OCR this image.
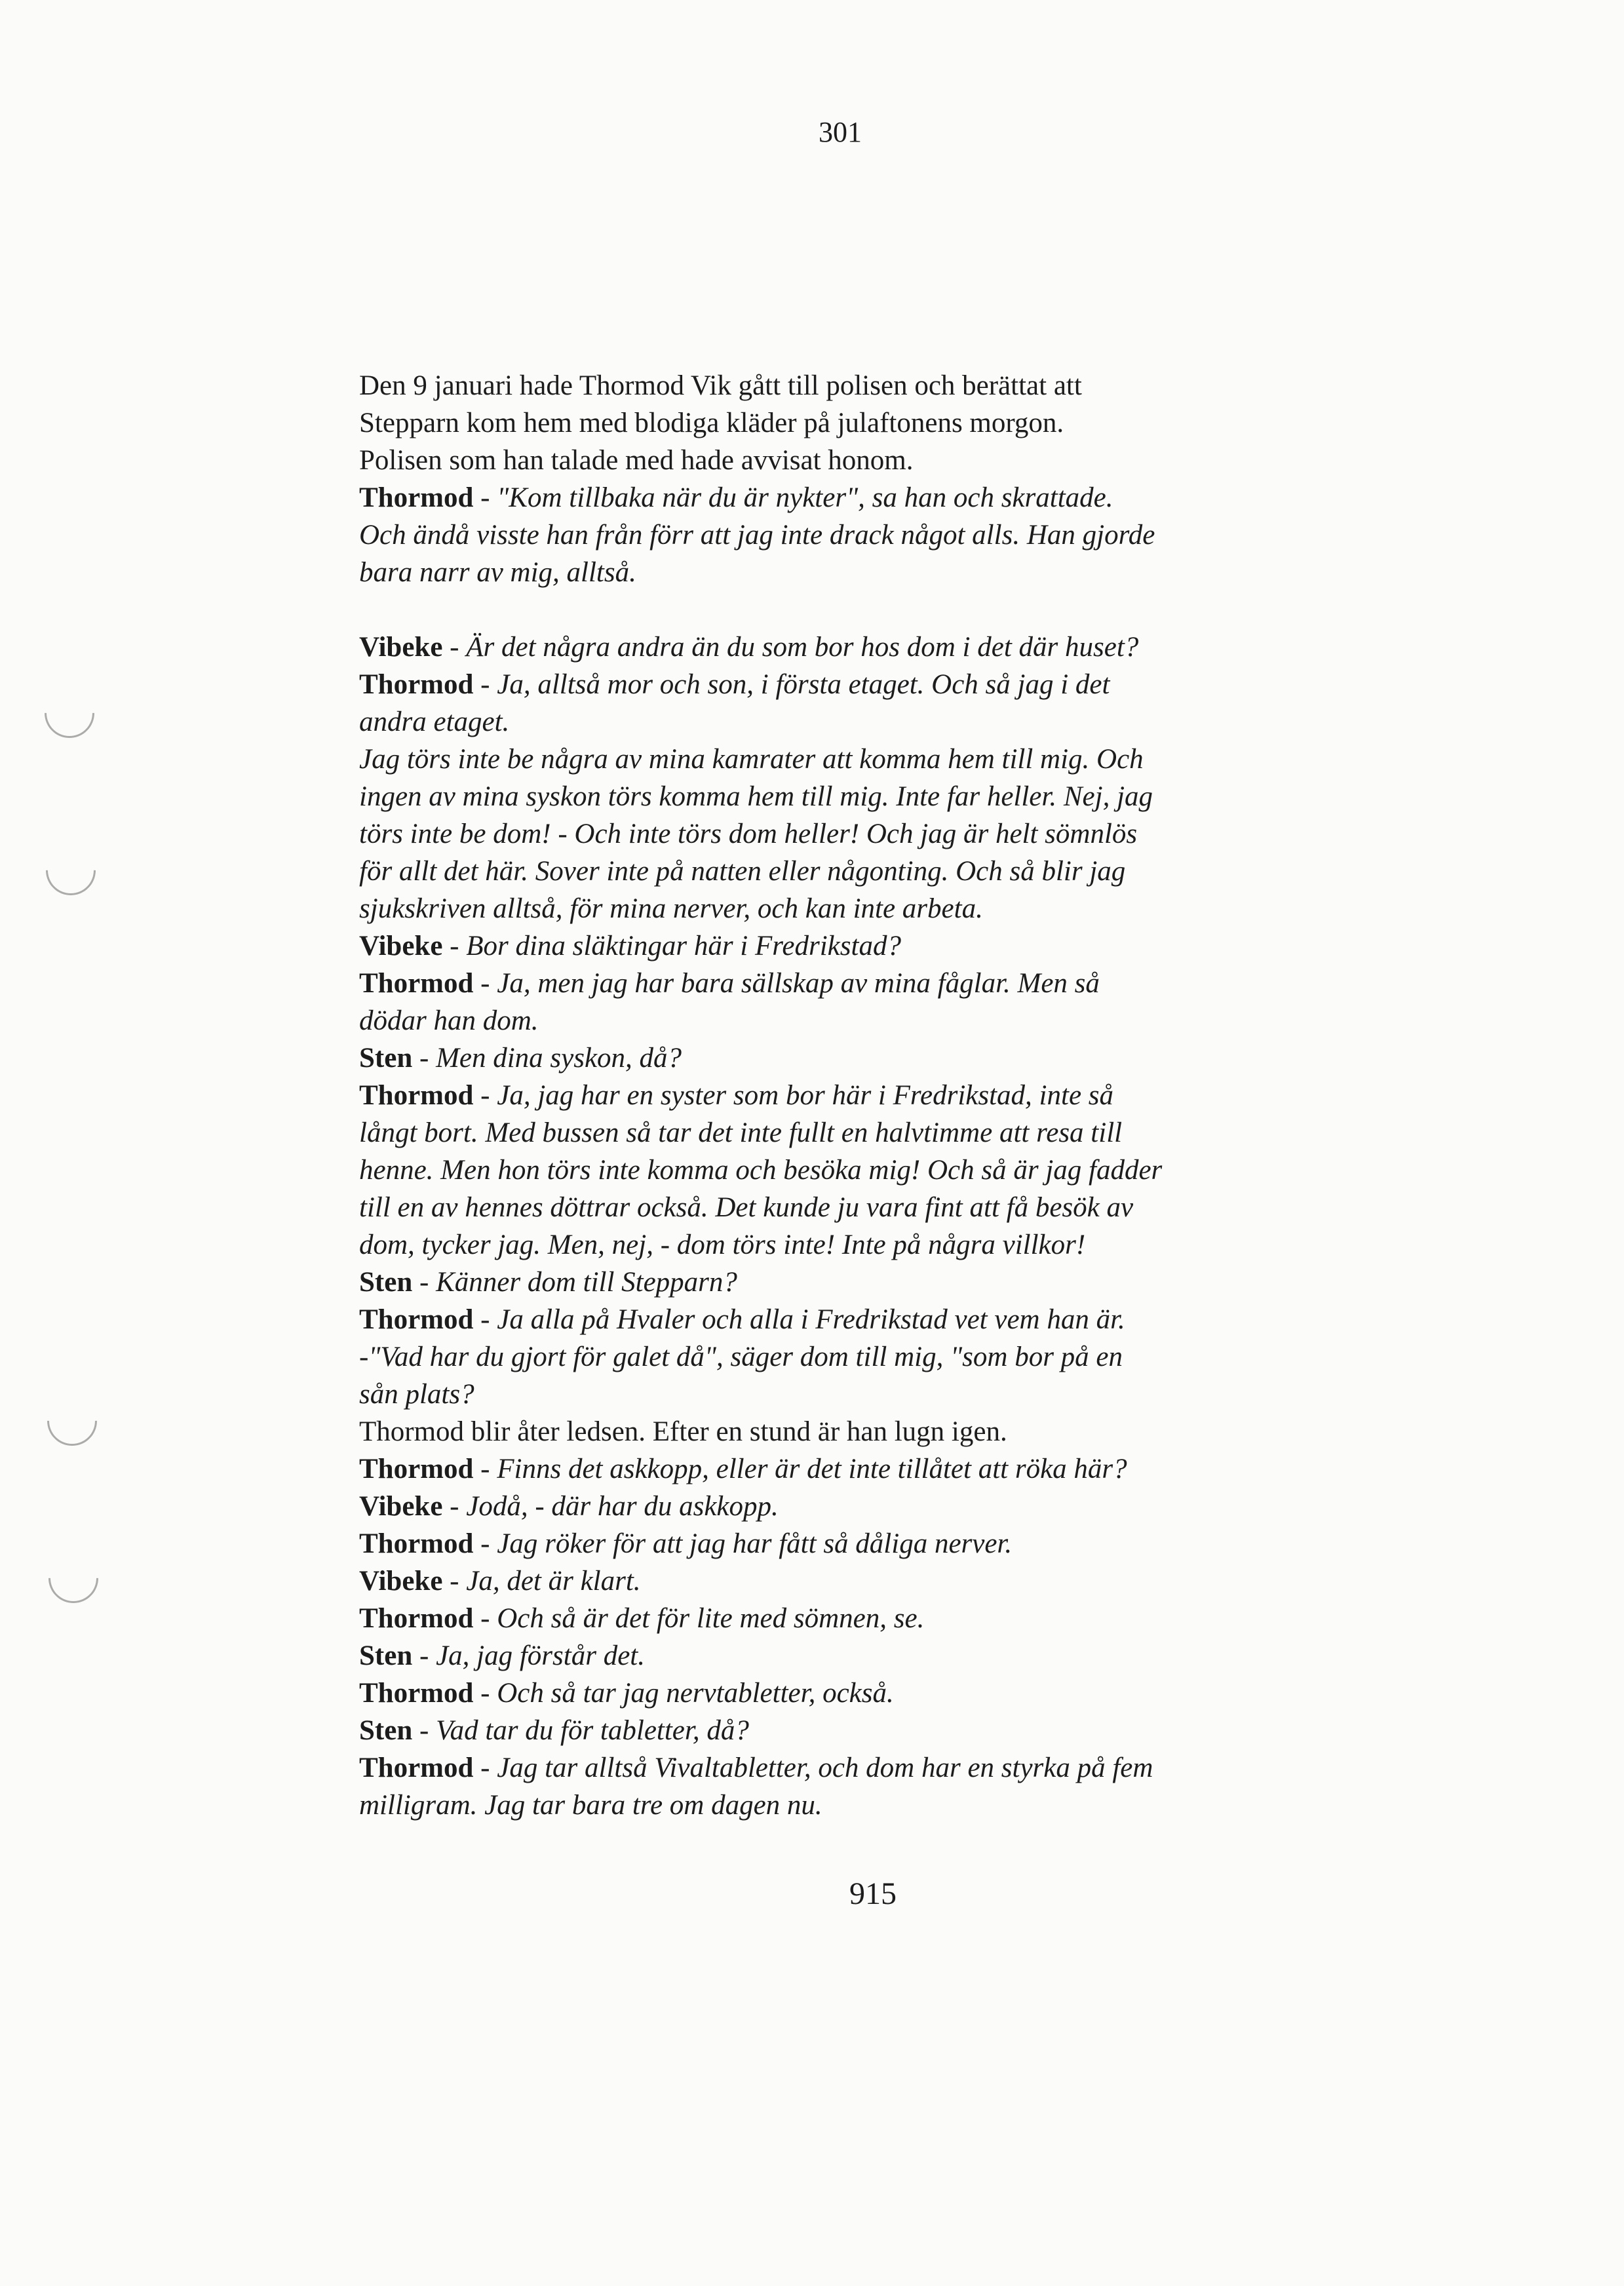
301
Den 9 januari hade Thormod Vik gått till polisen och berättat att
Stepparn kom hem med blodiga kläder på julaftonens morgon.
Polisen som han talade med hade avvisat honom.
Thormod - "Kom tillbaka när du är nykter", sa han och skrattade.
Och ändå visste han från förr att jag inte drack något alls. Han gjorde
bara narr av mig, alltså.
Vibeke - Är det några andra än du som bor hos dom i det där huset?
Thormod - Ja, alltså mor och son, i första etaget. Och så jag i det
andra etaget.
Jag törs inte be några av mina kamrater att komma hem till mig. Och
ingen av mina syskon törs komma hem till mig. Inte far heller. Nej, jag
törs inte be dom! - Och inte törs dom heller! Och jag är helt sömnlös
för allt det här. Sover inte på natten eller någonting. Och så blir jag
sjukskriven alltså, för mina nerver, och kan inte arbeta.
Vibeke - Bor dina släktingar här i Fredrikstad?
Thormod - Ja, men jag har bara sällskap av mina fåglar. Men så
dödar han dom.
Sten - Men dina syskon, då?
Thormod - Ja, jag har en syster som bor här i Fredrikstad, inte så
långt bort. Med bussen så tar det inte fullt en halvtimme att resa till
henne. Men hon törs inte komma och besöka mig! Och så är jag fadder
till en av hennes döttrar också. Det kunde ju vara fint att få besök av
dom, tycker jag. Men, nej, - dom törs inte! Inte på några villkor!
Sten - Känner dom till Stepparn?
Thormod - Ja alla på Hvaler och alla i Fredrikstad vet vem han är.
-"Vad har du gjort för galet då", säger dom till mig, "som bor på en
sån plats?
Thormod blir åter ledsen. Efter en stund är han lugn igen.
Thormod - Finns det askkopp, eller är det inte tillåtet att röka här?
Vibeke - Jodå, - där har du askkopp.
Thormod - Jag röker för att jag har fått så dåliga nerver.
Vibeke - Ja, det är klart.
Thormod - Och så är det för lite med sömnen, se.
Sten - Ja, jag förstår det.
Thormod - Och så tar jag nervtabletter, också.
Sten - Vad tar du för tabletter, då?
Thormod - Jag tar alltså Vivaltabletter, och dom har en styrka på fem
milligram. Jag tar bara tre om dagen nu.
915
